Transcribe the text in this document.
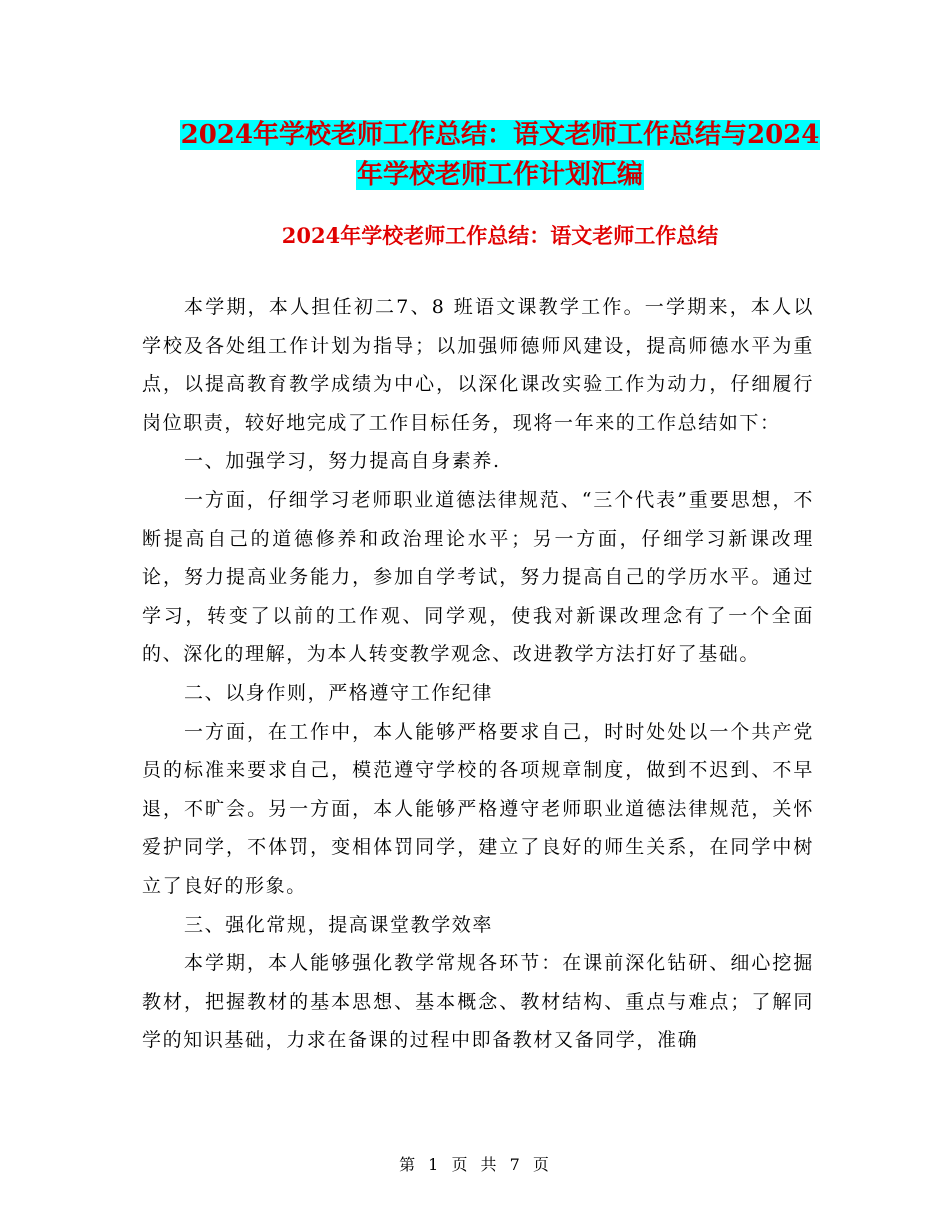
2024年学校老师工作总结：语文老师工作总结与2024
年学校老师工作计划汇编
2024年学校老师工作总结：语文老师工作总结

本学期，本人担任初二7、8 班语文课教学工作。一学期来，本人以学校及各处组工作计划为指导；以加强师德师风建设，提高师德水平为重点，以提高教育教学成绩为中心，以深化课改实验工作为动力，仔细履行岗位职责，较好地完成了工作目标任务，现将一年来的工作总结如下：

一、加强学习，努力提高自身素养.

一方面，仔细学习老师职业道德法律规范、“三个代表”重要思想，不断提高自己的道德修养和政治理论水平；另一方面，仔细学习新课改理论，努力提高业务能力，参加自学考试，努力提高自己的学历水平。通过学习，转变了以前的工作观、同学观，使我对新课改理念有了一个全面的、深化的理解，为本人转变教学观念、改进教学方法打好了基础。

二、以身作则，严格遵守工作纪律

一方面，在工作中，本人能够严格要求自己，时时处处以一个共产党员的标准来要求自己，模范遵守学校的各项规章制度，做到不迟到、不早退，不旷会。另一方面，本人能够严格遵守老师职业道德法律规范，关怀爱护同学，不体罚，变相体罚同学，建立了良好的师生关系，在同学中树立了良好的形象。

三、强化常规，提高课堂教学效率

本学期，本人能够强化教学常规各环节：在课前深化钻研、细心挖掘教材，把握教材的基本思想、基本概念、教材结构、重点与难点；了解同学的知识基础，力求在备课的过程中即备教材又备同学，准确

第 1 页 共 7 页
